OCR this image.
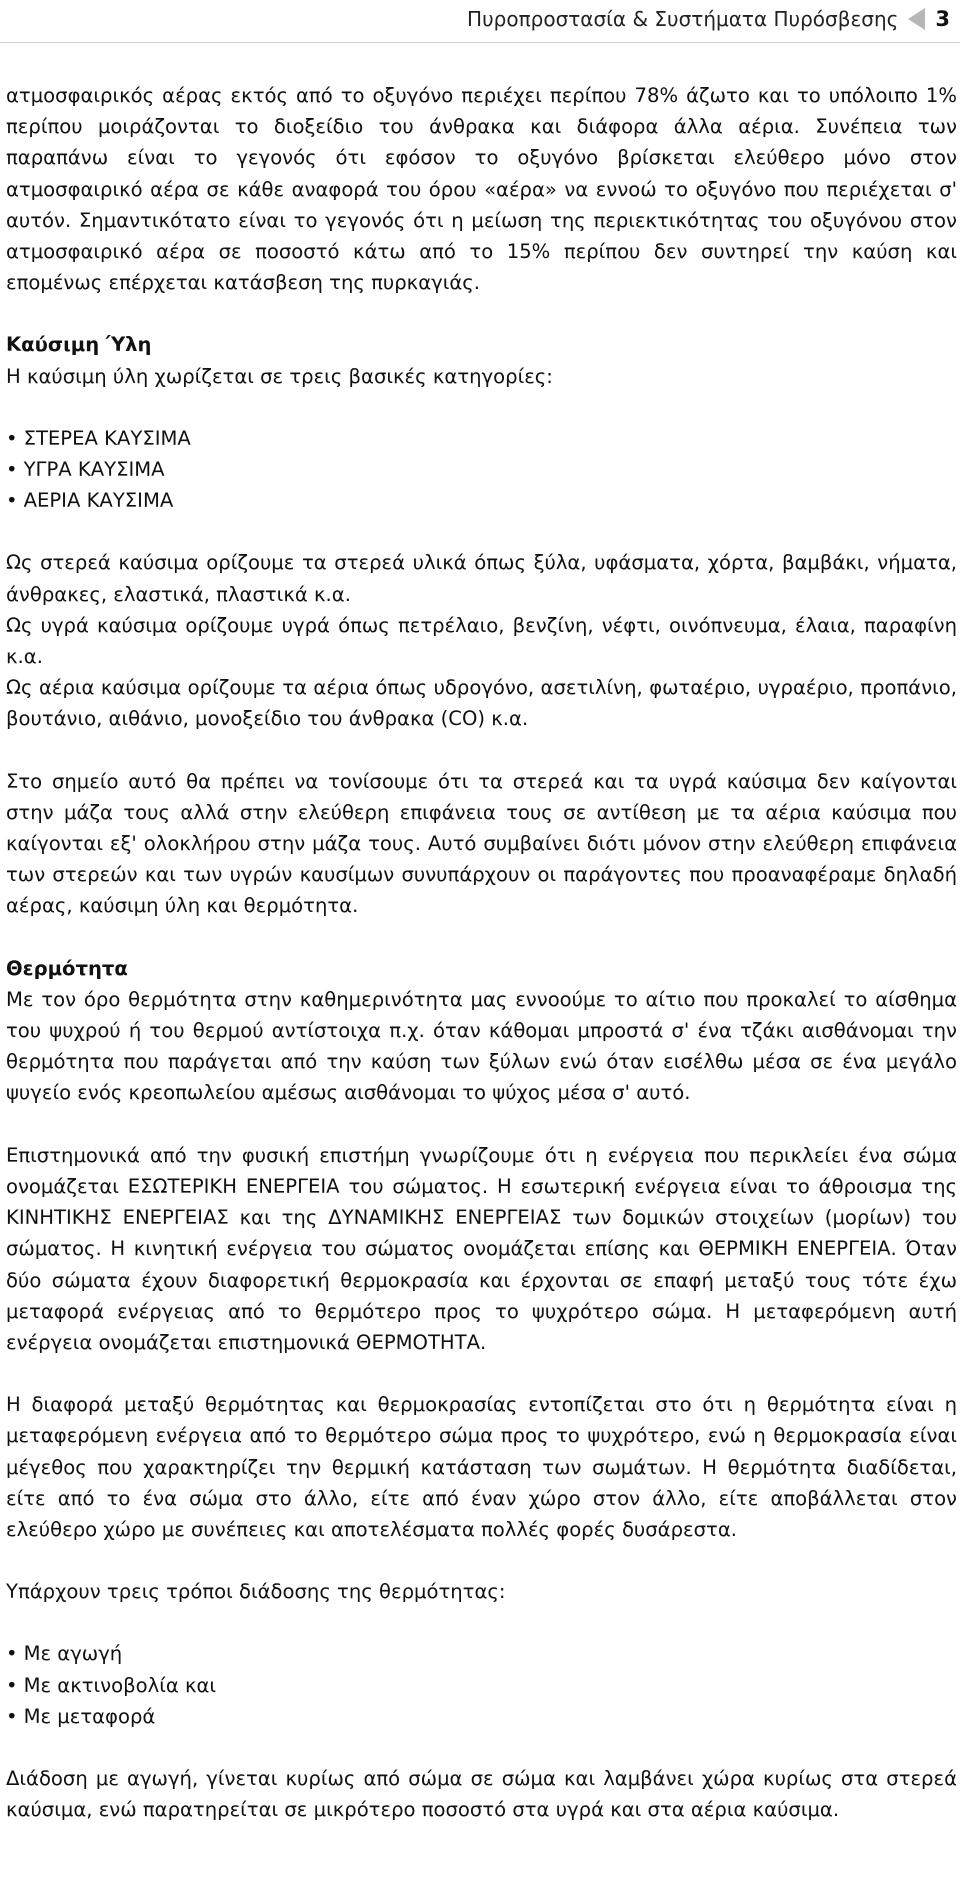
Πυροπροστασία & Συστήματα Πυρόσβεσης 3

ατμοσφαιρικός αέρας εκτός από το οξυγόνο περιέχει περίπου 78% άζωτο και το υπόλοιπο 1% περίπου μοιράζονται το διοξείδιο του άνθρακα και διάφορα άλλα αέρια. Συνέπεια των παραπάνω είναι το γεγονός ότι εφόσον το οξυγόνο βρίσκεται ελεύθερο μόνο στον ατμοσφαιρικό αέρα σε κάθε αναφορά του όρου «αέρα» να εννοώ το οξυγόνο που περιέχεται σ' αυτόν. Σημαντικότατο είναι το γεγονός ότι η μείωση της περιεκτικότητας του οξυγόνου στον ατμοσφαιρικό αέρα σε ποσοστό κάτω από το 15% περίπου δεν συντηρεί την καύση και επομένως επέρχεται κατάσβεση της πυρκαγιάς.

Καύσιμη Ύλη

Η καύσιμη ύλη χωρίζεται σε τρεις βασικές κατηγορίες:

• ΣΤΕΡΕΑ ΚΑΥΣΙΜΑ
• ΥΓΡΑ ΚΑΥΣΙΜΑ
• ΑΕΡΙΑ ΚΑΥΣΙΜΑ

Ως στερεά καύσιμα ορίζουμε τα στερεά υλικά όπως ξύλα, υφάσματα, χόρτα, βαμβάκι, νήματα, άνθρακες, ελαστικά, πλαστικά κ.α.

Ως υγρά καύσιμα ορίζουμε υγρά όπως πετρέλαιο, βενζίνη, νέφτι, οινόπνευμα, έλαια, παραφίνη κ.α.

Ως αέρια καύσιμα ορίζουμε τα αέρια όπως υδρογόνο, ασετιλίνη, φωταέριο, υγραέριο, προπάνιο, βουτάνιο, αιθάνιο, μονοξείδιο του άνθρακα (CO) κ.α.

Στο σημείο αυτό θα πρέπει να τονίσουμε ότι τα στερεά και τα υγρά καύσιμα δεν καίγονται στην μάζα τους αλλά στην ελεύθερη επιφάνεια τους σε αντίθεση με τα αέρια καύσιμα που καίγονται εξ' ολοκλήρου στην μάζα τους. Αυτό συμβαίνει διότι μόνον στην ελεύθερη επιφάνεια των στερεών και των υγρών καυσίμων συνυπάρχουν οι παράγοντες που προαναφέραμε δηλαδή αέρας, καύσιμη ύλη και θερμότητα.

Θερμότητα

Με τον όρο θερμότητα στην καθημερινότητα μας εννοούμε το αίτιο που προκαλεί το αίσθημα του ψυχρού ή του θερμού αντίστοιχα π.χ. όταν κάθομαι μπροστά σ' ένα τζάκι αισθάνομαι την θερμότητα που παράγεται από την καύση των ξύλων ενώ όταν εισέλθω μέσα σε ένα μεγάλο ψυγείο ενός κρεοπωλείου αμέσως αισθάνομαι το ψύχος μέσα σ' αυτό.

Επιστημονικά από την φυσική επιστήμη γνωρίζουμε ότι η ενέργεια που περικλείει ένα σώμα ονομάζεται ΕΣΩΤΕΡΙΚΗ ΕΝΕΡΓΕΙΑ του σώματος. Η εσωτερική ενέργεια είναι το άθροισμα της ΚΙΝΗΤΙΚΗΣ ΕΝΕΡΓΕΙΑΣ και της ΔΥΝΑΜΙΚΗΣ ΕΝΕΡΓΕΙΑΣ των δομικών στοιχείων (μορίων) του σώματος. Η κινητική ενέργεια του σώματος ονομάζεται επίσης και ΘΕΡΜΙΚΗ ΕΝΕΡΓΕΙΑ. Όταν δύο σώματα έχουν διαφορετική θερμοκρασία και έρχονται σε επαφή μεταξύ τους τότε έχω μεταφορά ενέργειας από το θερμότερο προς το ψυχρότερο σώμα. Η μεταφερόμενη αυτή ενέργεια ονομάζεται επιστημονικά ΘΕΡΜΟΤΗΤΑ.

Η διαφορά μεταξύ θερμότητας και θερμοκρασίας εντοπίζεται στο ότι η θερμότητα είναι η μεταφερόμενη ενέργεια από το θερμότερο σώμα προς το ψυχρότερο, ενώ η θερμοκρασία είναι μέγεθος που χαρακτηρίζει την θερμική κατάσταση των σωμάτων. Η θερμότητα διαδίδεται, είτε από το ένα σώμα στο άλλο, είτε από έναν χώρο στον άλλο, είτε αποβάλλεται στον ελεύθερο χώρο με συνέπειες και αποτελέσματα πολλές φορές δυσάρεστα.

Υπάρχουν τρεις τρόποι διάδοσης της θερμότητας:

• Με αγωγή
• Με ακτινοβολία και
• Με μεταφορά

Διάδοση με αγωγή, γίνεται κυρίως από σώμα σε σώμα και λαμβάνει χώρα κυρίως στα στερεά καύσιμα, ενώ παρατηρείται σε μικρότερο ποσοστό στα υγρά και στα αέρια καύσιμα.
